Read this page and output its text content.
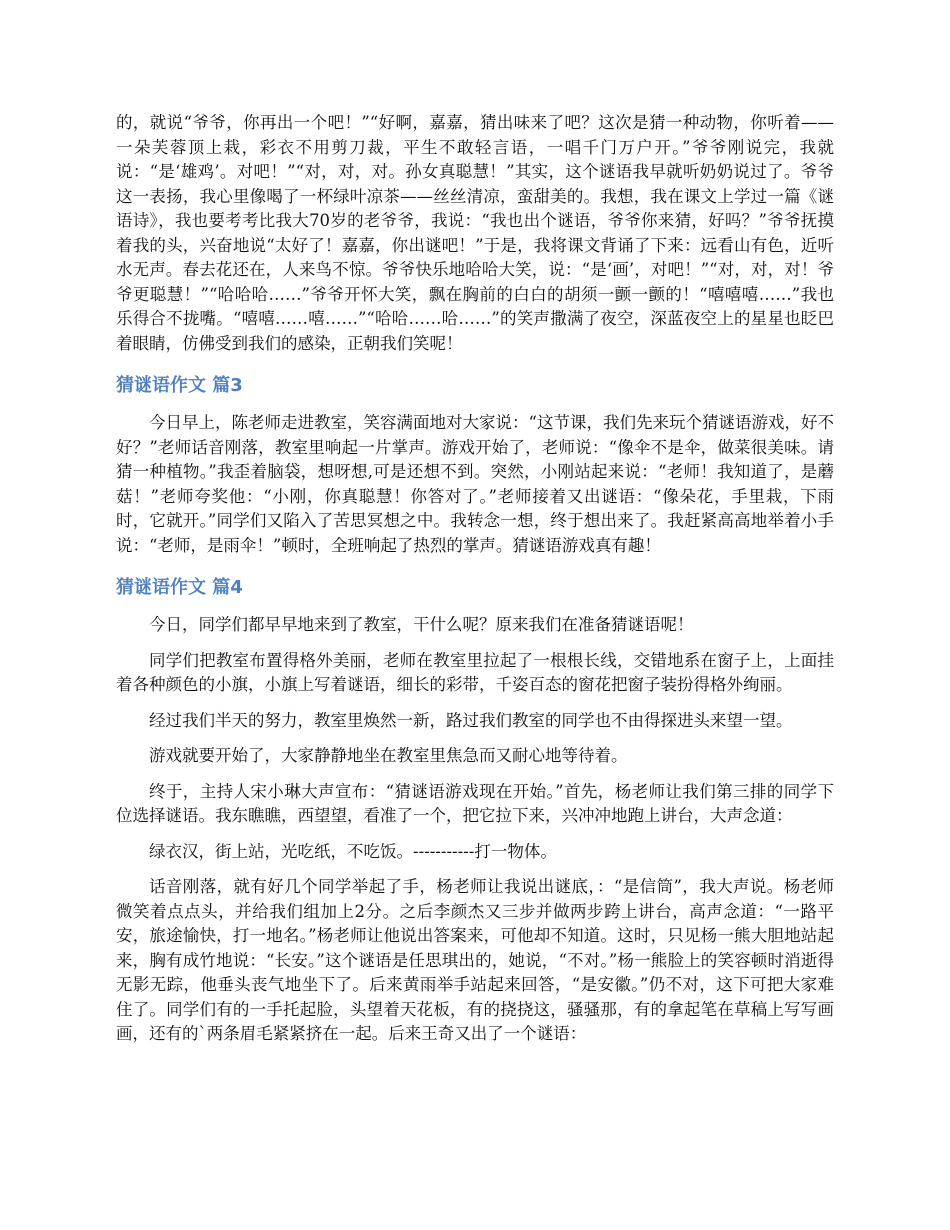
的，就说“爷爷，你再出一个吧！”“好啊，嘉嘉，猜出味来了吧？这次是猜一种动物，你听着——一朵芙蓉顶上栽，彩衣不用剪刀裁，平生不敢轻言语，一唱千门万户开。”爷爷刚说完，我就说：“是‘雄鸡’。对吧！”“对，对，对。孙女真聪慧！”其实，这个谜语我早就听奶奶说过了。爷爷这一表扬，我心里像喝了一杯绿叶凉茶——丝丝清凉，蛮甜美的。我想，我在课文上学过一篇《谜语诗》，我也要考考比我大70岁的老爷爷，我说：“我也出个谜语，爷爷你来猜，好吗？”爷爷抚摸着我的头，兴奋地说“太好了！嘉嘉，你出谜吧！”于是，我将课文背诵了下来：远看山有色，近听水无声。春去花还在，人来鸟不惊。爷爷快乐地哈哈大笑，说：“是‘画’，对吧！”“对，对，对！爷爷更聪慧！”“哈哈哈……”爷爷开怀大笑，飘在胸前的白白的胡须一颤一颤的！“嘻嘻嘻……”我也乐得合不拢嘴。“嘻嘻……嘻……”“哈哈……哈……”的笑声撒满了夜空，深蓝夜空上的星星也眨巴着眼睛，仿佛受到我们的感染，正朝我们笑呢！

猜谜语作文 篇3

今日早上，陈老师走进教室，笑容满面地对大家说：“这节课，我们先来玩个猜谜语游戏，好不好？”老师话音刚落，教室里响起一片掌声。游戏开始了，老师说：“像伞不是伞，做菜很美味。请猜一种植物。”我歪着脑袋，想呀想,可是还想不到。突然，小刚站起来说：“老师！我知道了，是蘑菇！”老师夸奖他：“小刚，你真聪慧！你答对了。”老师接着又出谜语：“像朵花，手里栽，下雨时，它就开。”同学们又陷入了苦思冥想之中。我转念一想，终于想出来了。我赶紧高高地举着小手说：“老师，是雨伞！”顿时，全班响起了热烈的掌声。猜谜语游戏真有趣！

猜谜语作文 篇4

今日，同学们都早早地来到了教室，干什么呢？原来我们在准备猜谜语呢！

同学们把教室布置得格外美丽，老师在教室里拉起了一根根长线，交错地系在窗子上，上面挂着各种颜色的小旗，小旗上写着谜语，细长的彩带，千姿百态的窗花把窗子装扮得格外绚丽。

经过我们半天的努力，教室里焕然一新，路过我们教室的同学也不由得探进头来望一望。

游戏就要开始了，大家静静地坐在教室里焦急而又耐心地等待着。

终于，主持人宋小琳大声宣布：“猜谜语游戏现在开始。”首先，杨老师让我们第三排的同学下位选择谜语。我东瞧瞧，西望望，看准了一个，把它拉下来，兴冲冲地跑上讲台，大声念道：

绿衣汉，街上站，光吃纸，不吃饭。-----------打一物体。

话音刚落，就有好几个同学举起了手，杨老师让我说出谜底，：“是信筒”，我大声说。杨老师微笑着点点头，并给我们组加上2分。之后李颜杰又三步并做两步跨上讲台，高声念道：“一路平安，旅途愉快，打一地名。”杨老师让他说出答案来，可他却不知道。这时，只见杨一熊大胆地站起来，胸有成竹地说：“长安。”这个谜语是任思琪出的，她说，“不对。”杨一熊脸上的笑容顿时消逝得无影无踪，他垂头丧气地坐下了。后来黄雨举手站起来回答，“是安徽。”仍不对，这下可把大家难住了。同学们有的一手托起脸，头望着天花板，有的挠挠这，骚骚那，有的拿起笔在草稿上写写画画，还有的`两条眉毛紧紧挤在一起。后来王奇又出了一个谜语：
